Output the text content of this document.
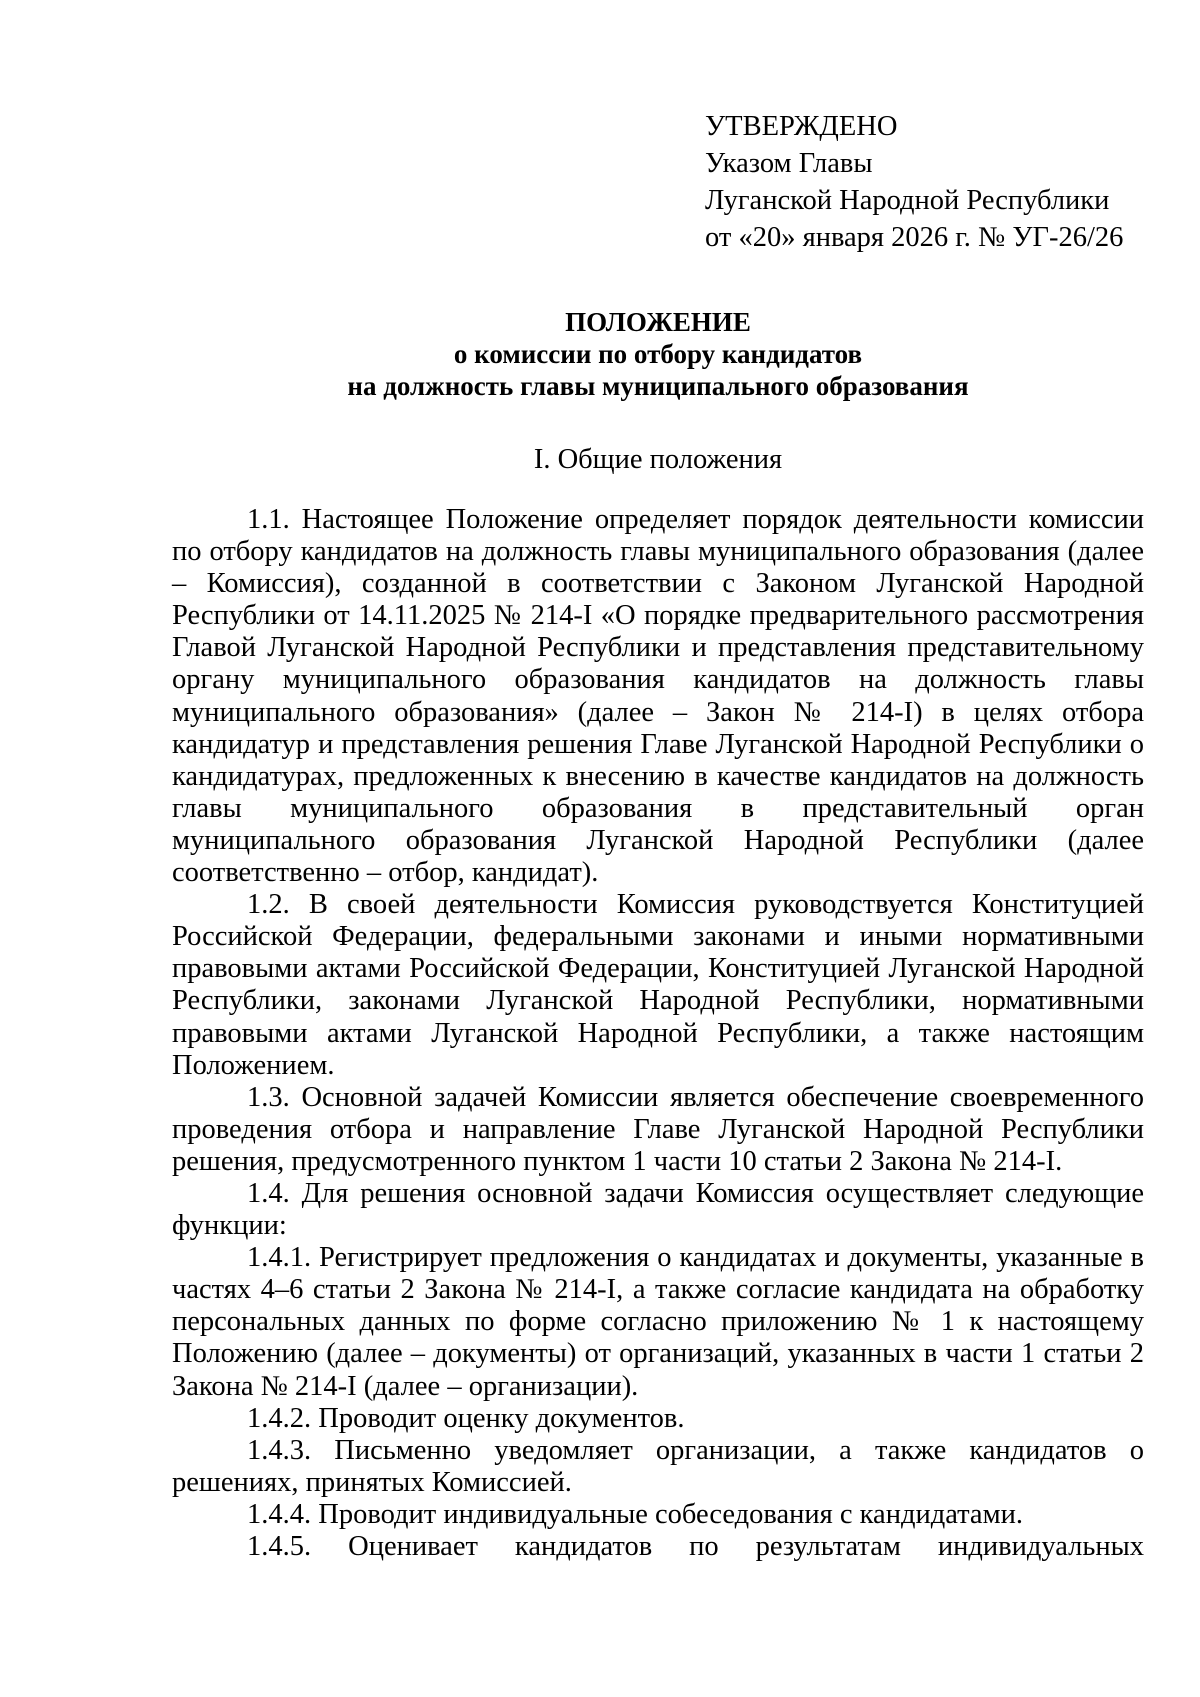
УТВЕРЖДЕНО
Указом Главы
Луганской Народной Республики
от «20» января 2026 г. № УГ-26/26
ПОЛОЖЕНИЕ
о комиссии по отбору кандидатов
на должность главы муниципального образования
I. Общие положения

1.1. Настоящее Положение определяет порядок деятельности комиссии по отбору кандидатов на должность главы муниципального образования (далее – Комиссия), созданной в соответствии с Законом Луганской Народной Республики от 14.11.2025 № 214-I «О порядке предварительного рассмотрения Главой Луганской Народной Республики и представления представительному органу муниципального образования кандидатов на должность главы муниципального образования» (далее – Закон № 214-I) в целях отбора кандидатур и представления решения Главе Луганской Народной Республики о кандидатурах, предложенных к внесению в качестве кандидатов на должность главы муниципального образования в представительный орган муниципального образования Луганской Народной Республики (далее соответственно – отбор, кандидат).

1.2. В своей деятельности Комиссия руководствуется Конституцией Российской Федерации, федеральными законами и иными нормативными правовыми актами Российской Федерации, Конституцией Луганской Народной Республики, законами Луганской Народной Республики, нормативными правовыми актами Луганской Народной Республики, а также настоящим Положением.

1.3. Основной задачей Комиссии является обеспечение своевременного проведения отбора и направление Главе Луганской Народной Республики решения, предусмотренного пунктом 1 части 10 статьи 2 Закона № 214-I.

1.4. Для решения основной задачи Комиссия осуществляет следующие функции:

1.4.1. Регистрирует предложения о кандидатах и документы, указанные в частях 4–6 статьи 2 Закона № 214-I, а также согласие кандидата на обработку персональных данных по форме согласно приложению № 1 к настоящему Положению (далее – документы) от организаций, указанных в части 1 статьи 2 Закона № 214-I (далее – организации).

1.4.2. Проводит оценку документов.

1.4.3. Письменно уведомляет организации, а также кандидатов о решениях, принятых Комиссией.

1.4.4. Проводит индивидуальные собеседования с кандидатами.

1.4.5. Оценивает кандидатов по результатам индивидуальных
